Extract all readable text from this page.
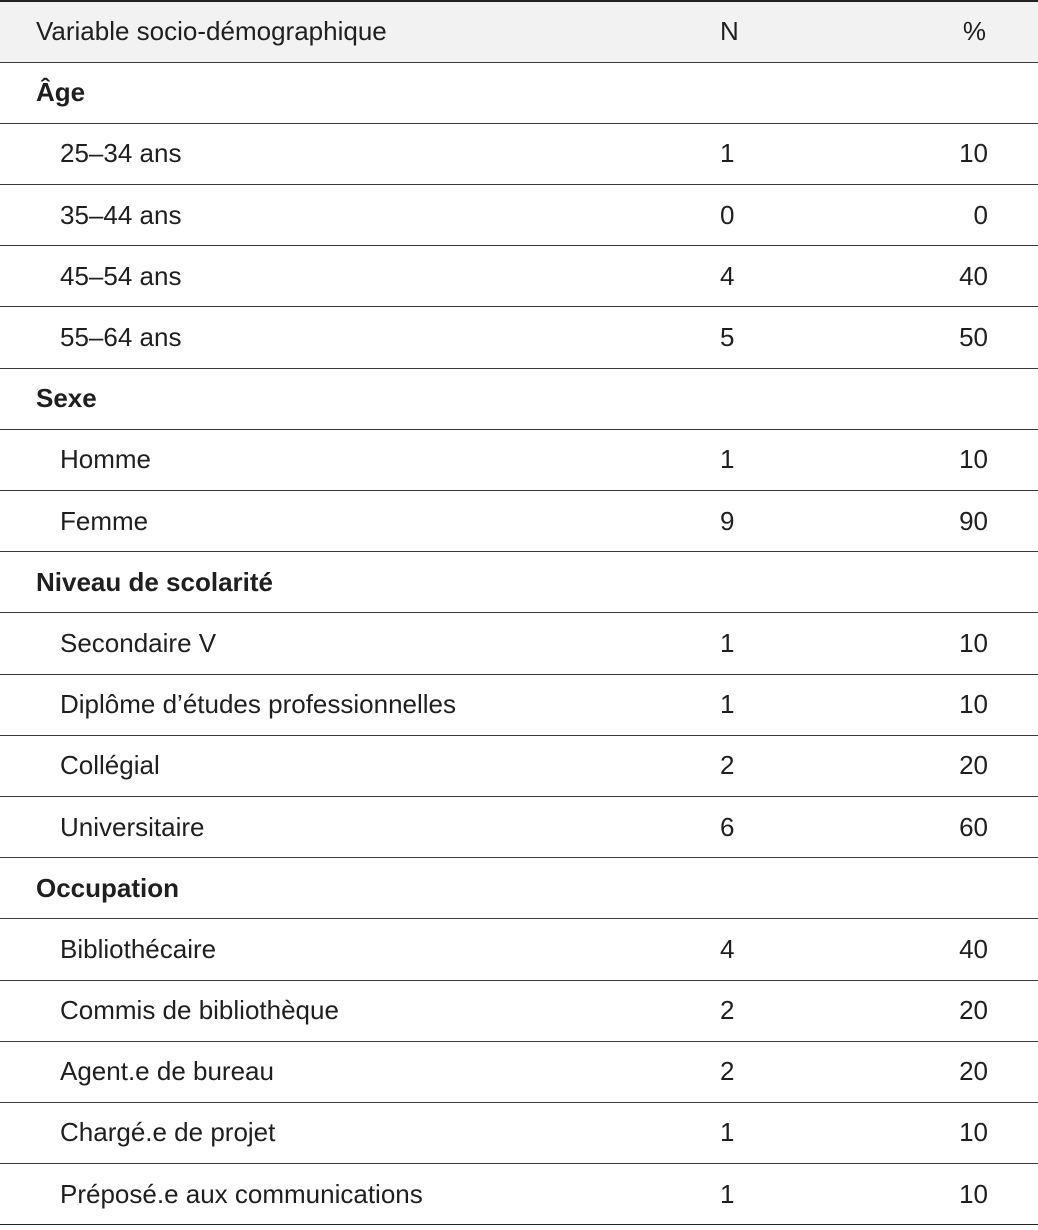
Variable socio-démographique	N	%
Âge		
25–34 ans	1	10
35–44 ans	0	0
45–54 ans	4	40
55–64 ans	5	50
Sexe		
Homme	1	10
Femme	9	90
Niveau de scolarité		
Secondaire V	1	10
Diplôme d’études professionnelles	1	10
Collégial	2	20
Universitaire	6	60
Occupation		
Bibliothécaire	4	40
Commis de bibliothèque	2	20
Agent.e de bureau	2	20
Chargé.e de projet	1	10
Préposé.e aux communications	1	10
